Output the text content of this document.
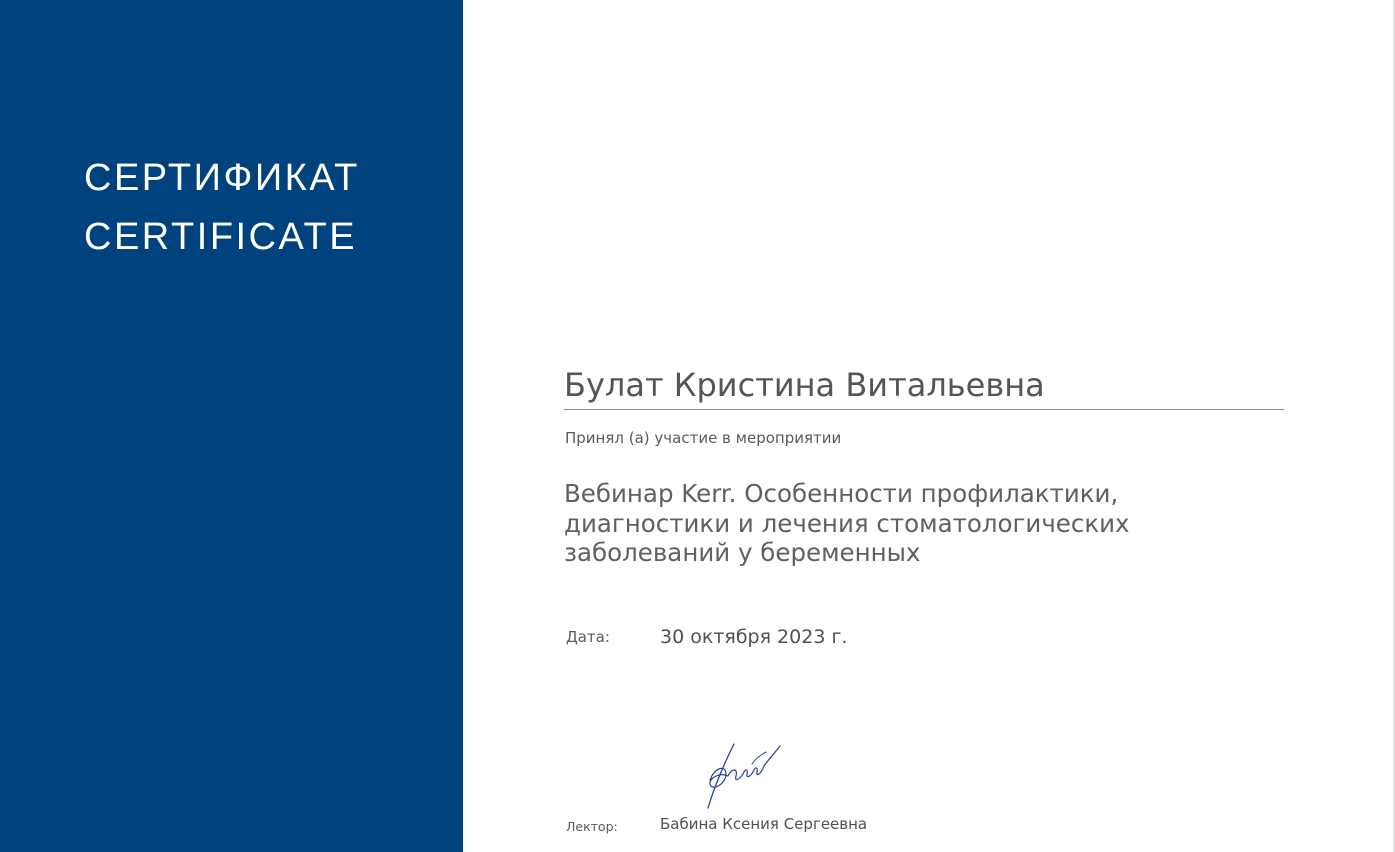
СЕРТИФИКАТ
CERTIFICATE
Булат Кристина Витальевна
Принял (а) участие в мероприятии
Вебинар Kerr. Особенности профилактики,
диагностики и лечения стоматологических
заболеваний у беременных
Дата:	30 октября 2023 г.
Лектор:	Бабина Ксения Сергеевна
